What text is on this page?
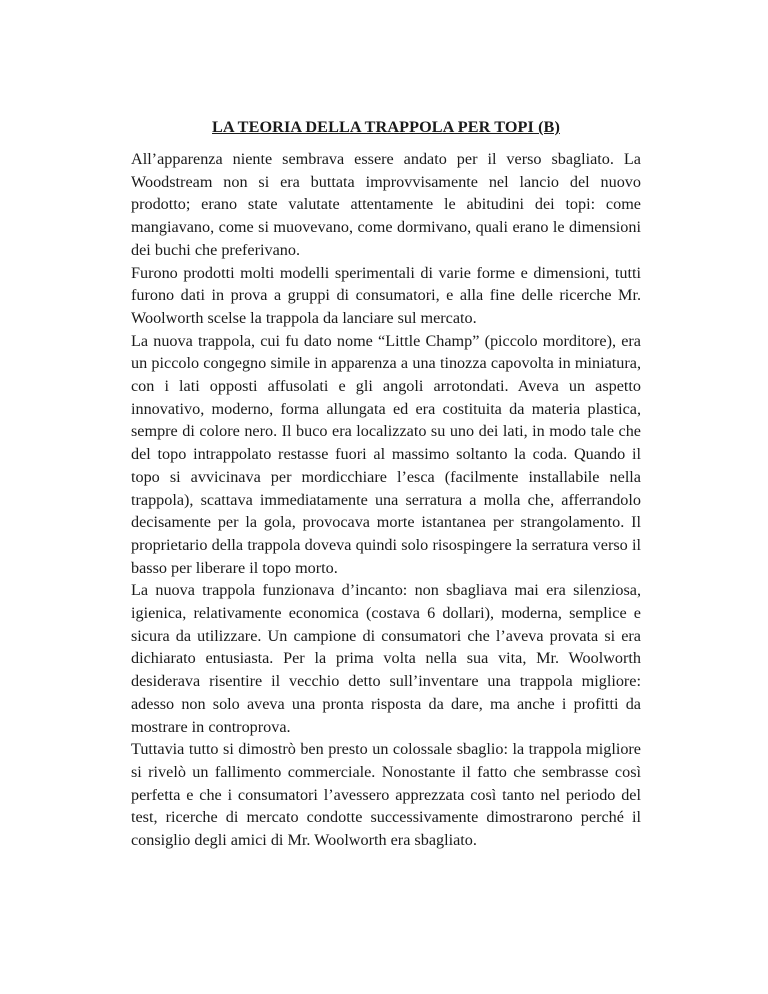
LA TEORIA DELLA TRAPPOLA PER TOPI (B)

All’apparenza niente sembrava essere andato per il verso sbagliato. La Woodstream non si era buttata improvvisamente nel lancio del nuovo prodotto; erano state valutate attentamente le abitudini dei topi: come mangiavano, come si muovevano, come dormivano, quali erano le dimensioni dei buchi che preferivano.

Furono prodotti molti modelli sperimentali di varie forme e dimensioni, tutti furono dati in prova a gruppi di consumatori, e alla fine delle ricerche Mr. Woolworth scelse la trappola da lanciare sul mercato.

La nuova trappola, cui fu dato nome “Little Champ” (piccolo morditore), era un piccolo congegno simile in apparenza a una tinozza capovolta in miniatura, con i lati opposti affusolati e gli angoli arrotondati. Aveva un aspetto innovativo, moderno, forma allungata ed era costituita da materia plastica, sempre di colore nero. Il buco era localizzato su uno dei lati, in modo tale che del topo intrappolato restasse fuori al massimo soltanto la coda. Quando il topo si avvicinava per mordicchiare l’esca (facilmente installabile nella trappola), scattava immediatamente una serratura a molla che, afferrandolo decisamente per la gola, provocava morte istantanea per strangolamento. Il proprietario della trappola doveva quindi solo risospingere la serratura verso il basso per liberare il topo morto.

La nuova trappola funzionava d’incanto: non sbagliava mai era silenziosa, igienica, relativamente economica (costava 6 dollari), moderna, semplice e sicura da utilizzare. Un campione di consumatori che l’aveva provata si era dichiarato entusiasta. Per la prima volta nella sua vita, Mr. Woolworth desiderava risentire il vecchio detto sull’inventare una trappola migliore: adesso non solo aveva una pronta risposta da dare, ma anche i profitti da mostrare in controprova.

Tuttavia tutto si dimostrò ben presto un colossale sbaglio: la trappola migliore si rivelò un fallimento commerciale. Nonostante il fatto che sembrasse così perfetta e che i consumatori l’avessero apprezzata così tanto nel periodo del test, ricerche di mercato condotte successivamente dimostrarono perché il consiglio degli amici di Mr. Woolworth era sbagliato.
